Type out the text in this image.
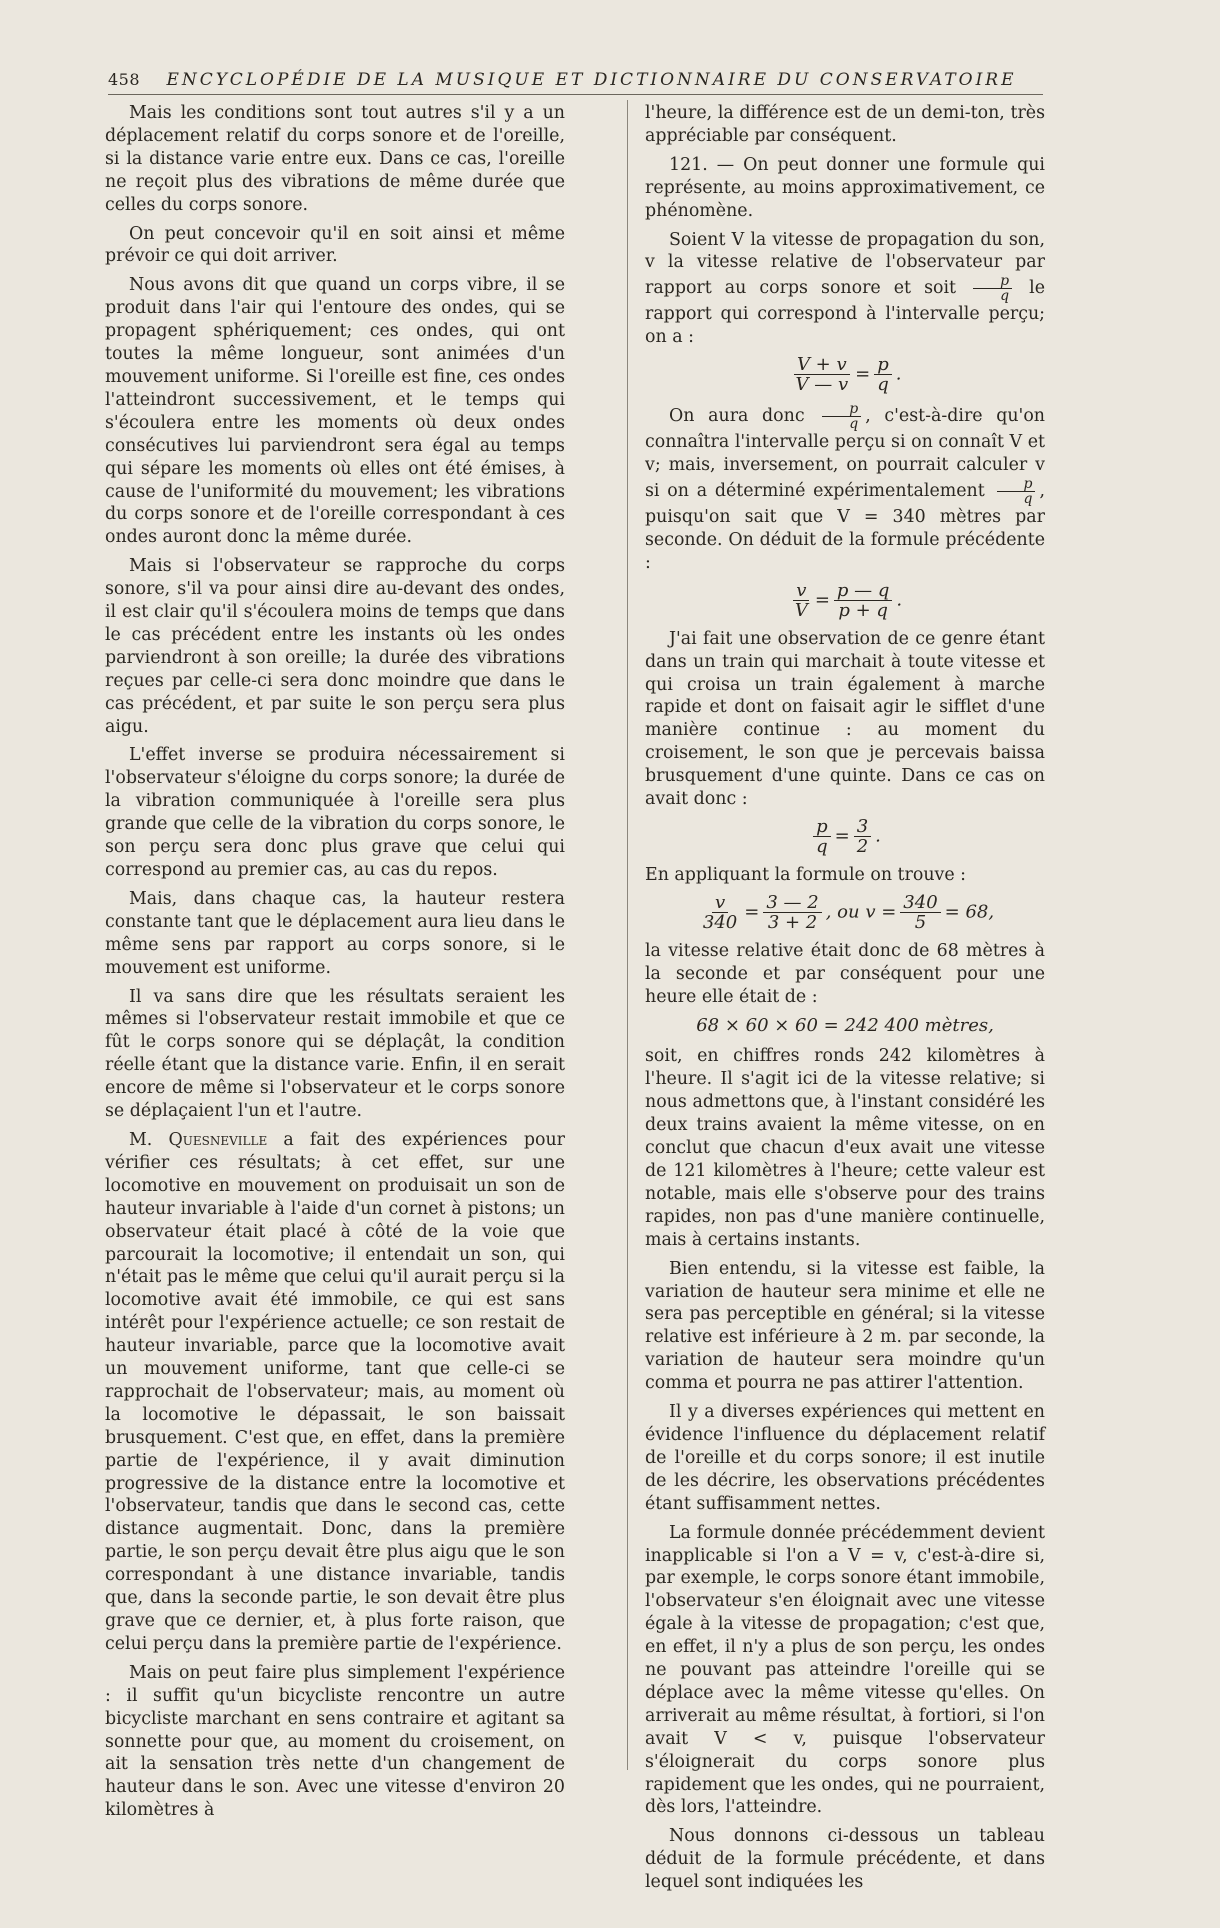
458	ENCYCLOPÉDIE DE LA MUSIQUE ET DICTIONNAIRE DU CONSERVATOIRE

Mais les conditions sont tout autres s'il y a un déplacement relatif du corps sonore et de l'oreille, si la distance varie entre eux. Dans ce cas, l'oreille ne reçoit plus des vibrations de même durée que celles du corps sonore.

On peut concevoir qu'il en soit ainsi et même prévoir ce qui doit arriver.

Nous avons dit que quand un corps vibre, il se produit dans l'air qui l'entoure des ondes, qui se propagent sphériquement; ces ondes, qui ont toutes la même longueur, sont animées d'un mouvement uniforme. Si l'oreille est fine, ces ondes l'atteindront successivement, et le temps qui s'écoulera entre les moments où deux ondes consécutives lui parviendront sera égal au temps qui sépare les moments où elles ont été émises, à cause de l'uniformité du mouvement; les vibrations du corps sonore et de l'oreille correspondant à ces ondes auront donc la même durée.

Mais si l'observateur se rapproche du corps sonore, s'il va pour ainsi dire au-devant des ondes, il est clair qu'il s'écoulera moins de temps que dans le cas précédent entre les instants où les ondes parviendront à son oreille; la durée des vibrations reçues par celle-ci sera donc moindre que dans le cas précédent, et par suite le son perçu sera plus aigu.

L'effet inverse se produira nécessairement si l'observateur s'éloigne du corps sonore; la durée de la vibration communiquée à l'oreille sera plus grande que celle de la vibration du corps sonore, le son perçu sera donc plus grave que celui qui correspond au premier cas, au cas du repos.

Mais, dans chaque cas, la hauteur restera constante tant que le déplacement aura lieu dans le même sens par rapport au corps sonore, si le mouvement est uniforme.

Il va sans dire que les résultats seraient les mêmes si l'observateur restait immobile et que ce fût le corps sonore qui se déplaçât, la condition réelle étant que la distance varie. Enfin, il en serait encore de même si l'observateur et le corps sonore se déplaçaient l'un et l'autre.

M. Quesneville a fait des expériences pour vérifier ces résultats; à cet effet, sur une locomotive en mouvement on produisait un son de hauteur invariable à l'aide d'un cornet à pistons; un observateur était placé à côté de la voie que parcourait la locomotive; il entendait un son, qui n'était pas le même que celui qu'il aurait perçu si la locomotive avait été immobile, ce qui est sans intérêt pour l'expérience actuelle; ce son restait de hauteur invariable, parce que la locomotive avait un mouvement uniforme, tant que celle-ci se rapprochait de l'observateur; mais, au moment où la locomotive le dépassait, le son baissait brusquement. C'est que, en effet, dans la première partie de l'expérience, il y avait diminution progressive de la distance entre la locomotive et l'observateur, tandis que dans le second cas, cette distance augmentait. Donc, dans la première partie, le son perçu devait être plus aigu que le son correspondant à une distance invariable, tandis que, dans la seconde partie, le son devait être plus grave que ce dernier, et, à plus forte raison, que celui perçu dans la première partie de l'expérience.

Mais on peut faire plus simplement l'expérience : il suffit qu'un bicycliste rencontre un autre bicycliste marchant en sens contraire et agitant sa sonnette pour que, au moment du croisement, on ait la sensation très nette d'un changement de hauteur dans le son. Avec une vitesse d'environ 20 kilomètres à

l'heure, la différence est de un demi-ton, très appréciable par conséquent.

121. — On peut donner une formule qui représente, au moins approximativement, ce phénomène.

Soient V la vitesse de propagation du son, v la vitesse relative de l'observateur par rapport au corps sonore et soit $\frac{p}{q}$ le rapport qui correspond à l'intervalle perçu; on a :

$\frac{V + v}{V — v} = \frac{p}{q}$ .

On aura donc $\frac{p}{q}$ , c'est-à-dire qu'on connaîtra l'intervalle perçu si on connaît V et v; mais, inversement, on pourrait calculer v si on a déterminé expérimentalement $\frac{p}{q}$ , puisqu'on sait que V = 340 mètres par seconde. On déduit de la formule précédente :

$\frac{v}{V} = \frac{p — q}{p + q}$ .

J'ai fait une observation de ce genre étant dans un train qui marchait à toute vitesse et qui croisa un train également à marche rapide et dont on faisait agir le sifflet d'une manière continue : au moment du croisement, le son que je percevais baissa brusquement d'une quinte. Dans ce cas on avait donc :

$\frac{p}{q} = \frac{3}{2}$ .

En appliquant la formule on trouve :

$\frac{v}{340} = \frac{3 — 2}{3 + 2}$ , ou $v = \frac{340}{5} = 68$,

la vitesse relative était donc de 68 mètres à la seconde et par conséquent pour une heure elle était de :

68 × 60 × 60 = 242 400 mètres,

soit, en chiffres ronds 242 kilomètres à l'heure. Il s'agit ici de la vitesse relative; si nous admettons que, à l'instant considéré les deux trains avaient la même vitesse, on en conclut que chacun d'eux avait une vitesse de 121 kilomètres à l'heure; cette valeur est notable, mais elle s'observe pour des trains rapides, non pas d'une manière continuelle, mais à certains instants.

Bien entendu, si la vitesse est faible, la variation de hauteur sera minime et elle ne sera pas perceptible en général; si la vitesse relative est inférieure à 2 m. par seconde, la variation de hauteur sera moindre qu'un comma et pourra ne pas attirer l'attention.

Il y a diverses expériences qui mettent en évidence l'influence du déplacement relatif de l'oreille et du corps sonore; il est inutile de les décrire, les observations précédentes étant suffisamment nettes.

La formule donnée précédemment devient inapplicable si l'on a V = v, c'est-à-dire si, par exemple, le corps sonore étant immobile, l'observateur s'en éloignait avec une vitesse égale à la vitesse de propagation; c'est que, en effet, il n'y a plus de son perçu, les ondes ne pouvant pas atteindre l'oreille qui se déplace avec la même vitesse qu'elles. On arriverait au même résultat, à fortiori, si l'on avait V < v, puisque l'observateur s'éloignerait du corps sonore plus rapidement que les ondes, qui ne pourraient, dès lors, l'atteindre.

Nous donnons ci-dessous un tableau déduit de la formule précédente, et dans lequel sont indiquées les
